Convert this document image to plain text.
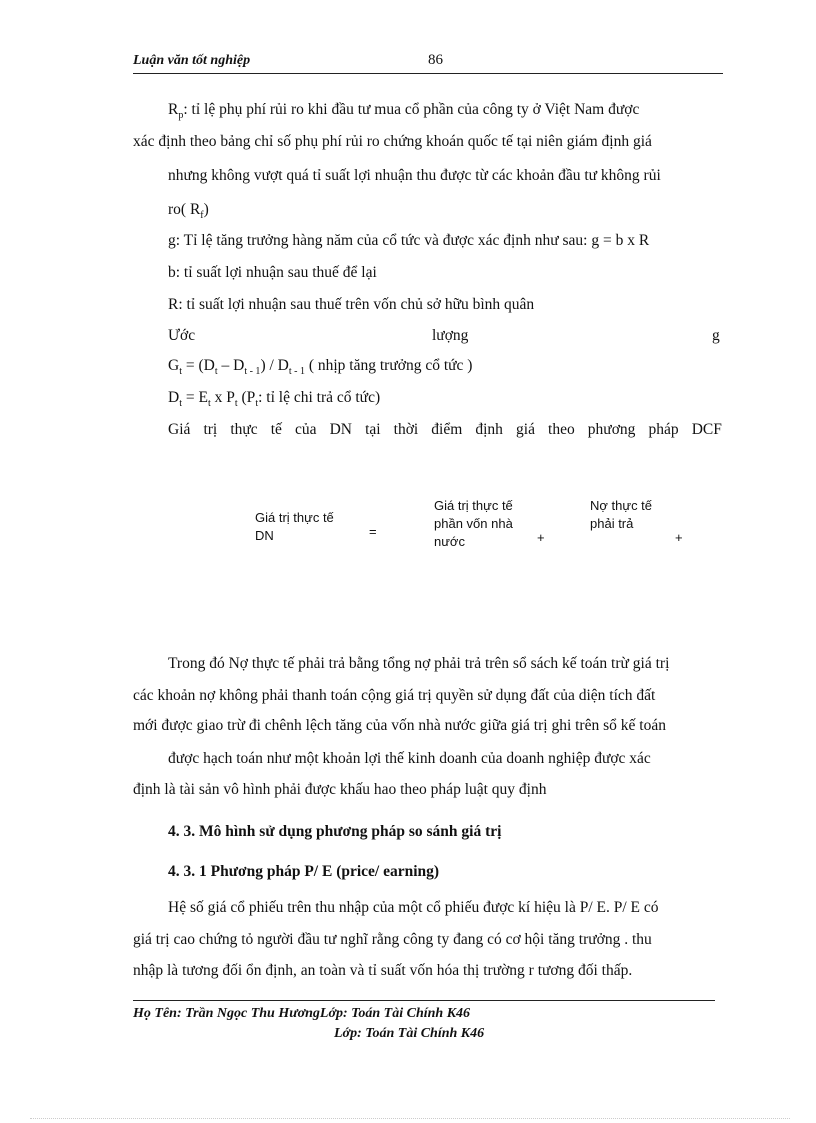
Luận văn tốt nghiệp	86
$R_p$: tỉ lệ phụ phí rủi ro khi đầu tư mua cổ phần của công ty ở Việt Nam được
xác định theo bảng chỉ số phụ phí rủi ro chứng khoán quốc tế tại niên giám định giá
nhưng không vượt quá tỉ suất lợi nhuận thu được từ các khoản đầu tư không rủi
ro( $R_f$)
g: Tỉ lệ tăng trưởng hàng năm của cổ tức và được xác định như sau: g = b x R
b: tỉ suất lợi nhuận sau thuế để lại
R: tỉ suất lợi nhuận sau thuế trên vốn chủ sở hữu bình quân
Ước	lượng	g
$G_t = (D_t - D_{t - 1}) / D_{t - 1}$ ( nhịp tăng trưởng cổ tức )
$D_t = E_t$ x $P_t$ ($P_t$: tỉ lệ chi trả cổ tức)
Giá trị thực tế của DN tại thời điểm định giá theo phương pháp DCF
Giá trị thực tế DN	=
Giá trị thực tế phần vốn nhà nước	+
Nợ thực tế phải trả
+
Trong đó Nợ thực tế phải trả bằng tổng nợ phải trả trên sổ sách kế toán trừ giá trị
các khoản nợ không phải thanh toán cộng giá trị quyền sử dụng đất của diện tích đất
mới được giao trừ đi chênh lệch tăng của vốn nhà nước giữa giá trị ghi trên sổ kế toán
được hạch toán như một khoản lợi thế kinh doanh của doanh nghiệp được xác
định là tài sản vô hình phải được khấu hao theo pháp luật quy định
4. 3. Mô hình sử dụng phương pháp so sánh giá trị
4. 3. 1 Phương pháp P/ E (price/ earning)
Hệ số giá cổ phiếu trên thu nhập của một cổ phiếu được kí hiệu là P/ E. P/ E có
giá trị cao chứng tỏ người đầu tư nghĩ rằng công ty đang có cơ hội tăng trưởng . thu
nhập là tương đối ổn định, an toàn và tỉ suất vốn hóa thị trường r tương đối thấp.
Họ Tên: Trần Ngọc Thu HươngLớp: Toán Tài Chính K46
Lớp: Toán Tài Chính K46
